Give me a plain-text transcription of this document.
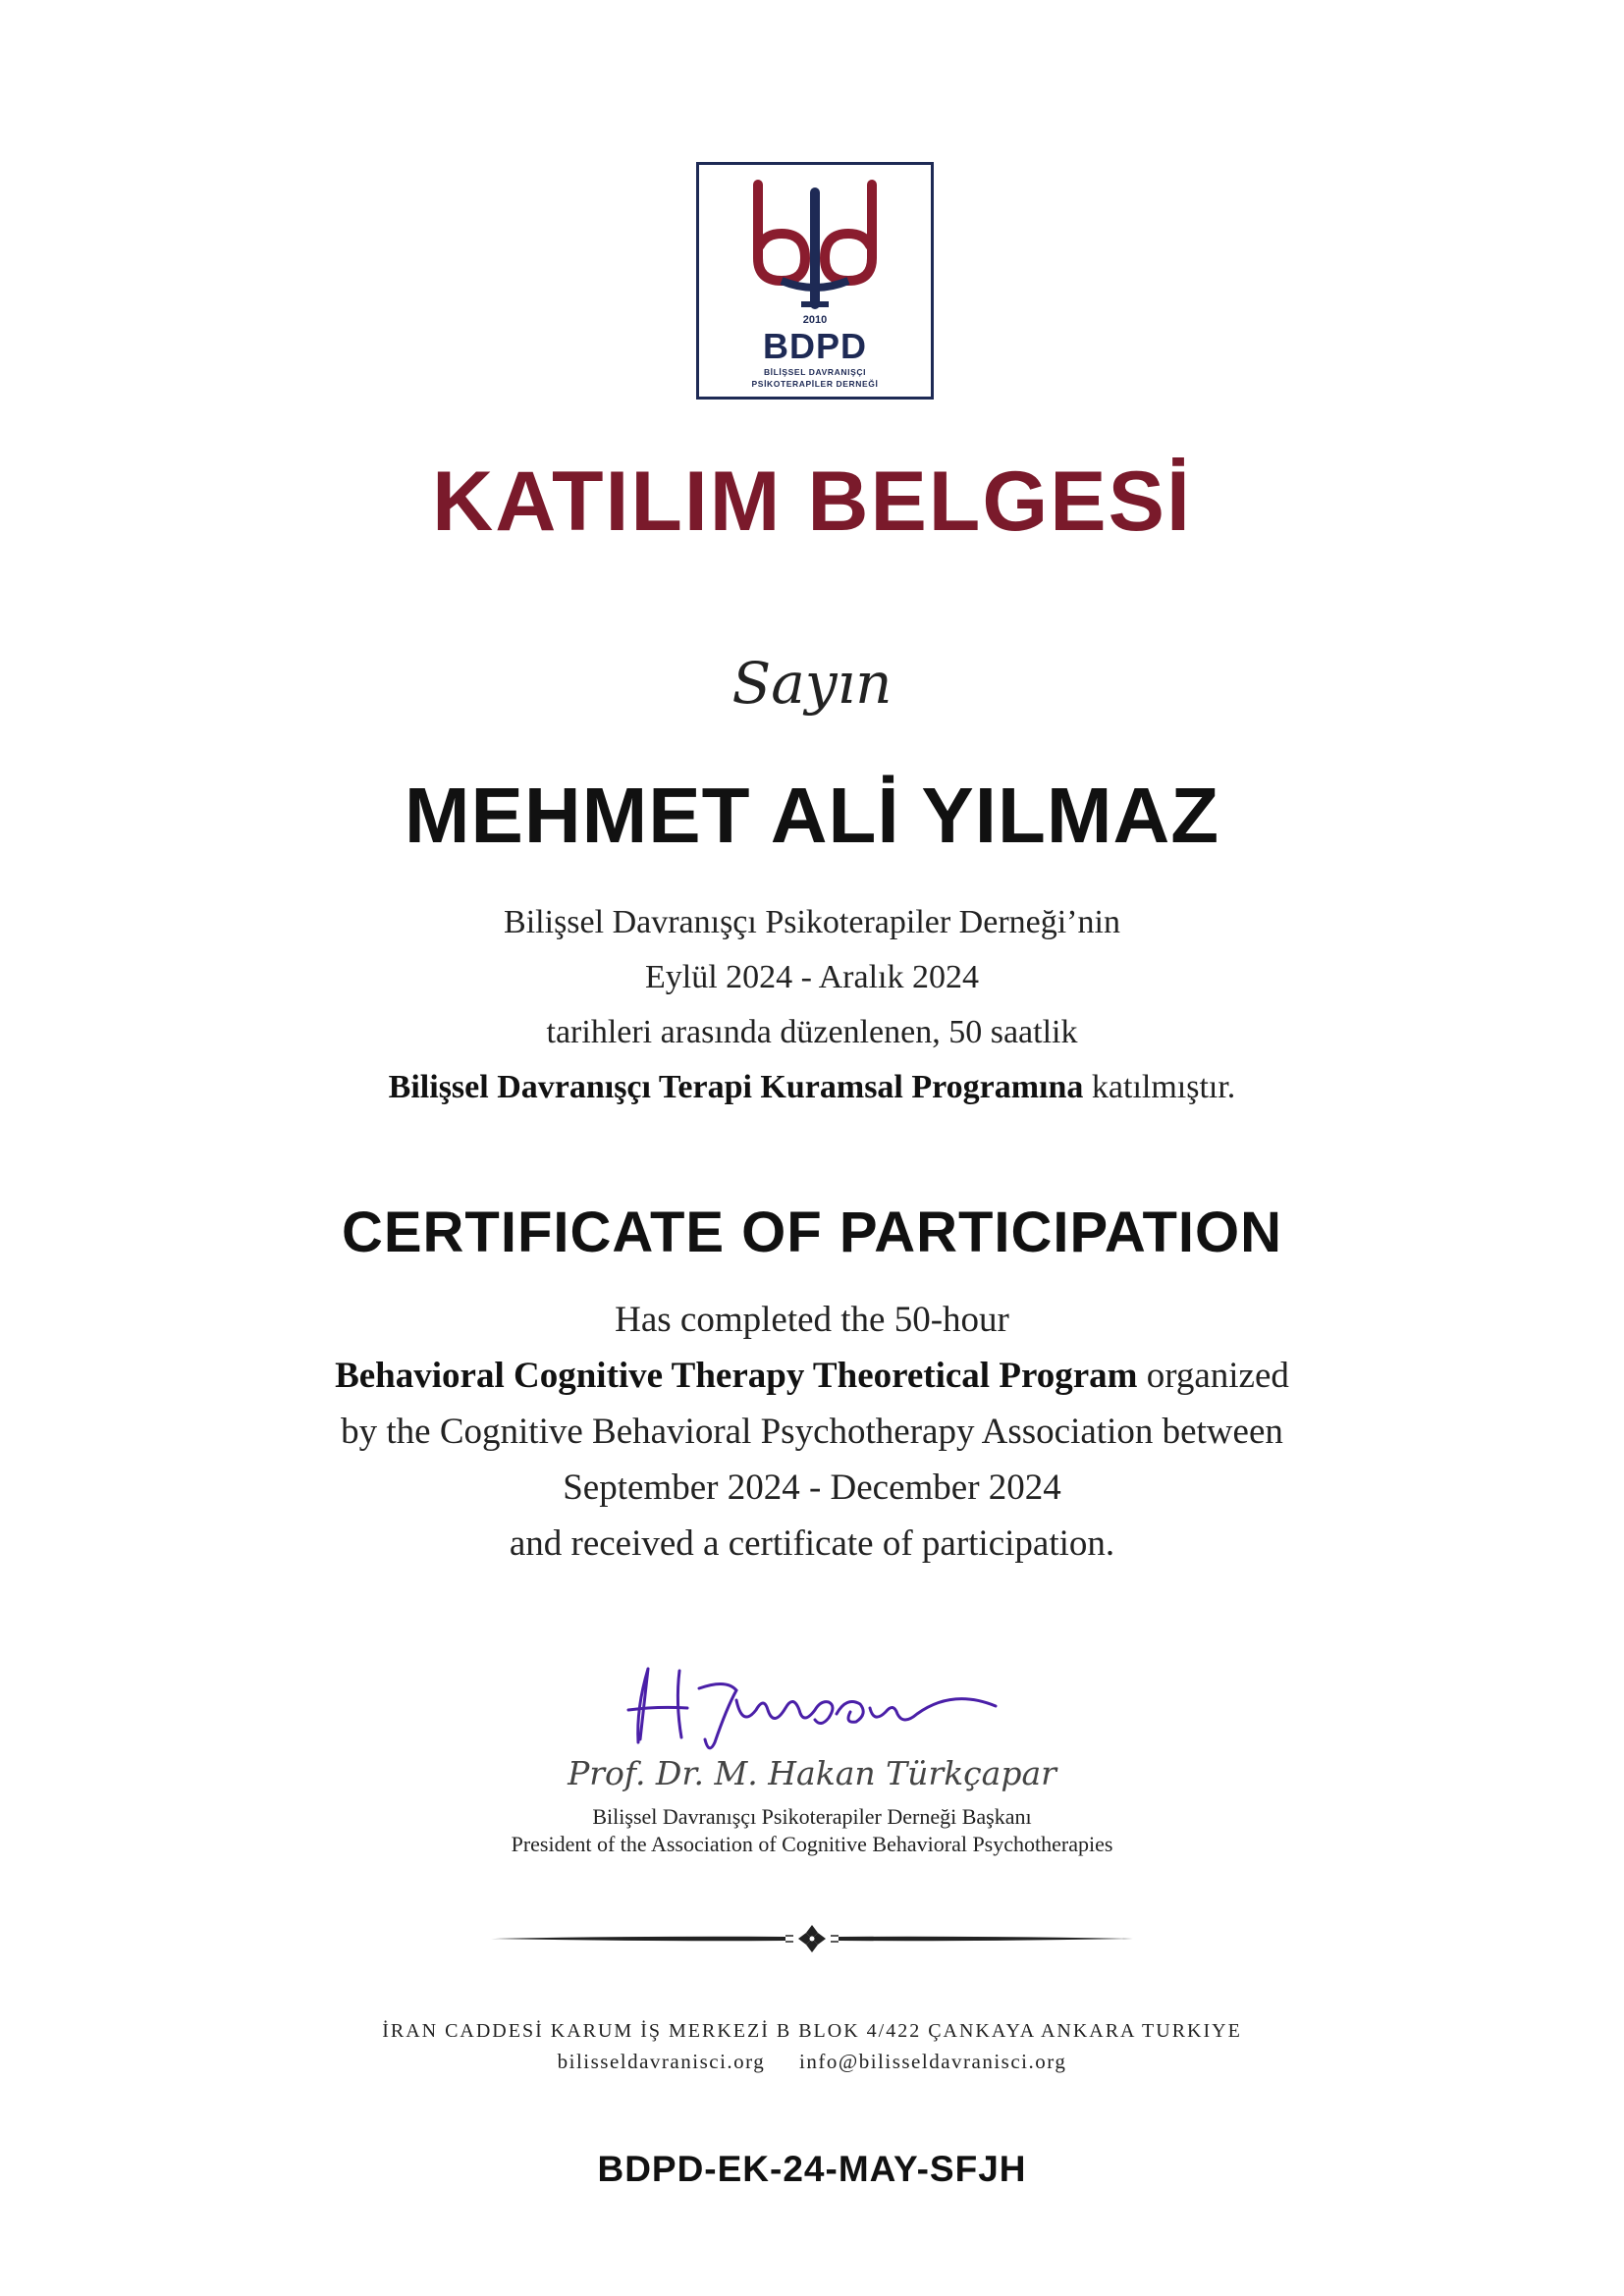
2010
BDPD
BİLİŞSEL DAVRANIŞÇI
PSİKOTERAPİLER DERNEĞİ
KATILIM BELGESİ
Sayın
MEHMET ALİ YILMAZ
Bilişsel Davranışçı Psikoterapiler Derneği’nin
Eylül 2024 - Aralık 2024
tarihleri arasında düzenlenen, 50 saatlik
Bilişsel Davranışçı Terapi Kuramsal Programına katılmıştır.
CERTIFICATE OF PARTICIPATION
Has completed the 50-hour
Behavioral Cognitive Therapy Theoretical Program organized
by the Cognitive Behavioral Psychotherapy Association between
September 2024 - December 2024
and received a certificate of participation.
Prof. Dr. M. Hakan Türkçapar
Bilişsel Davranışçı Psikoterapiler Derneği Başkanı
President of the Association of Cognitive Behavioral Psychotherapies
İRAN CADDESİ KARUM İŞ MERKEZİ B BLOK 4/422 ÇANKAYA ANKARA TURKIYE
bilisseldavranisci.org info@bilisseldavranisci.org
BDPD-EK-24-MAY-SFJH
